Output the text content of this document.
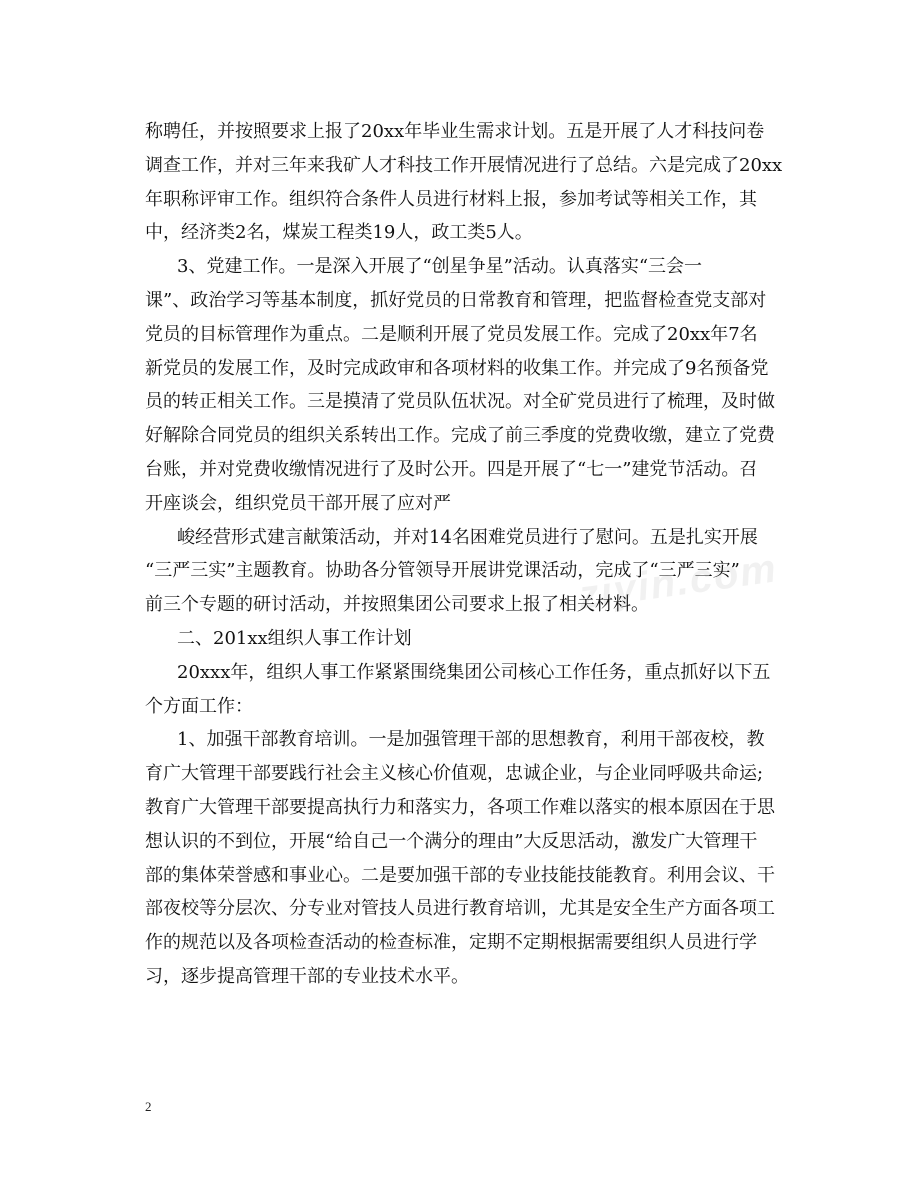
ziyin.com
称聘任，并按照要求上报了20xx年毕业生需求计划。五是开展了人才科技问卷
调查工作，并对三年来我矿人才科技工作开展情况进行了总结。六是完成了20xx
年职称评审工作。组织符合条件人员进行材料上报，参加考试等相关工作，其
中，经济类2名，煤炭工程类19人，政工类5人。
3、党建工作。一是深入开展了“创星争星”活动。认真落实“三会一
课”、政治学习等基本制度，抓好党员的日常教育和管理，把监督检查党支部对
党员的目标管理作为重点。二是顺利开展了党员发展工作。完成了20xx年7名
新党员的发展工作，及时完成政审和各项材料的收集工作。并完成了9名预备党
员的转正相关工作。三是摸清了党员队伍状况。对全矿党员进行了梳理，及时做
好解除合同党员的组织关系转出工作。完成了前三季度的党费收缴，建立了党费
台账，并对党费收缴情况进行了及时公开。四是开展了“七一”建党节活动。召
开座谈会，组织党员干部开展了应对严
峻经营形式建言献策活动，并对14名困难党员进行了慰问。五是扎实开展
“三严三实”主题教育。协助各分管领导开展讲党课活动，完成了“三严三实”
前三个专题的研讨活动，并按照集团公司要求上报了相关材料。
二、201xx组织人事工作计划
20xxx年，组织人事工作紧紧围绕集团公司核心工作任务，重点抓好以下五
个方面工作：
1、加强干部教育培训。一是加强管理干部的思想教育，利用干部夜校，教
育广大管理干部要践行社会主义核心价值观，忠诚企业，与企业同呼吸共命运;
教育广大管理干部要提高执行力和落实力，各项工作难以落实的根本原因在于思
想认识的不到位，开展“给自己一个满分的理由”大反思活动，激发广大管理干
部的集体荣誉感和事业心。二是要加强干部的专业技能技能教育。利用会议、干
部夜校等分层次、分专业对管技人员进行教育培训，尤其是安全生产方面各项工
作的规范以及各项检查活动的检查标准，定期不定期根据需要组织人员进行学
习，逐步提高管理干部的专业技术水平。
2
